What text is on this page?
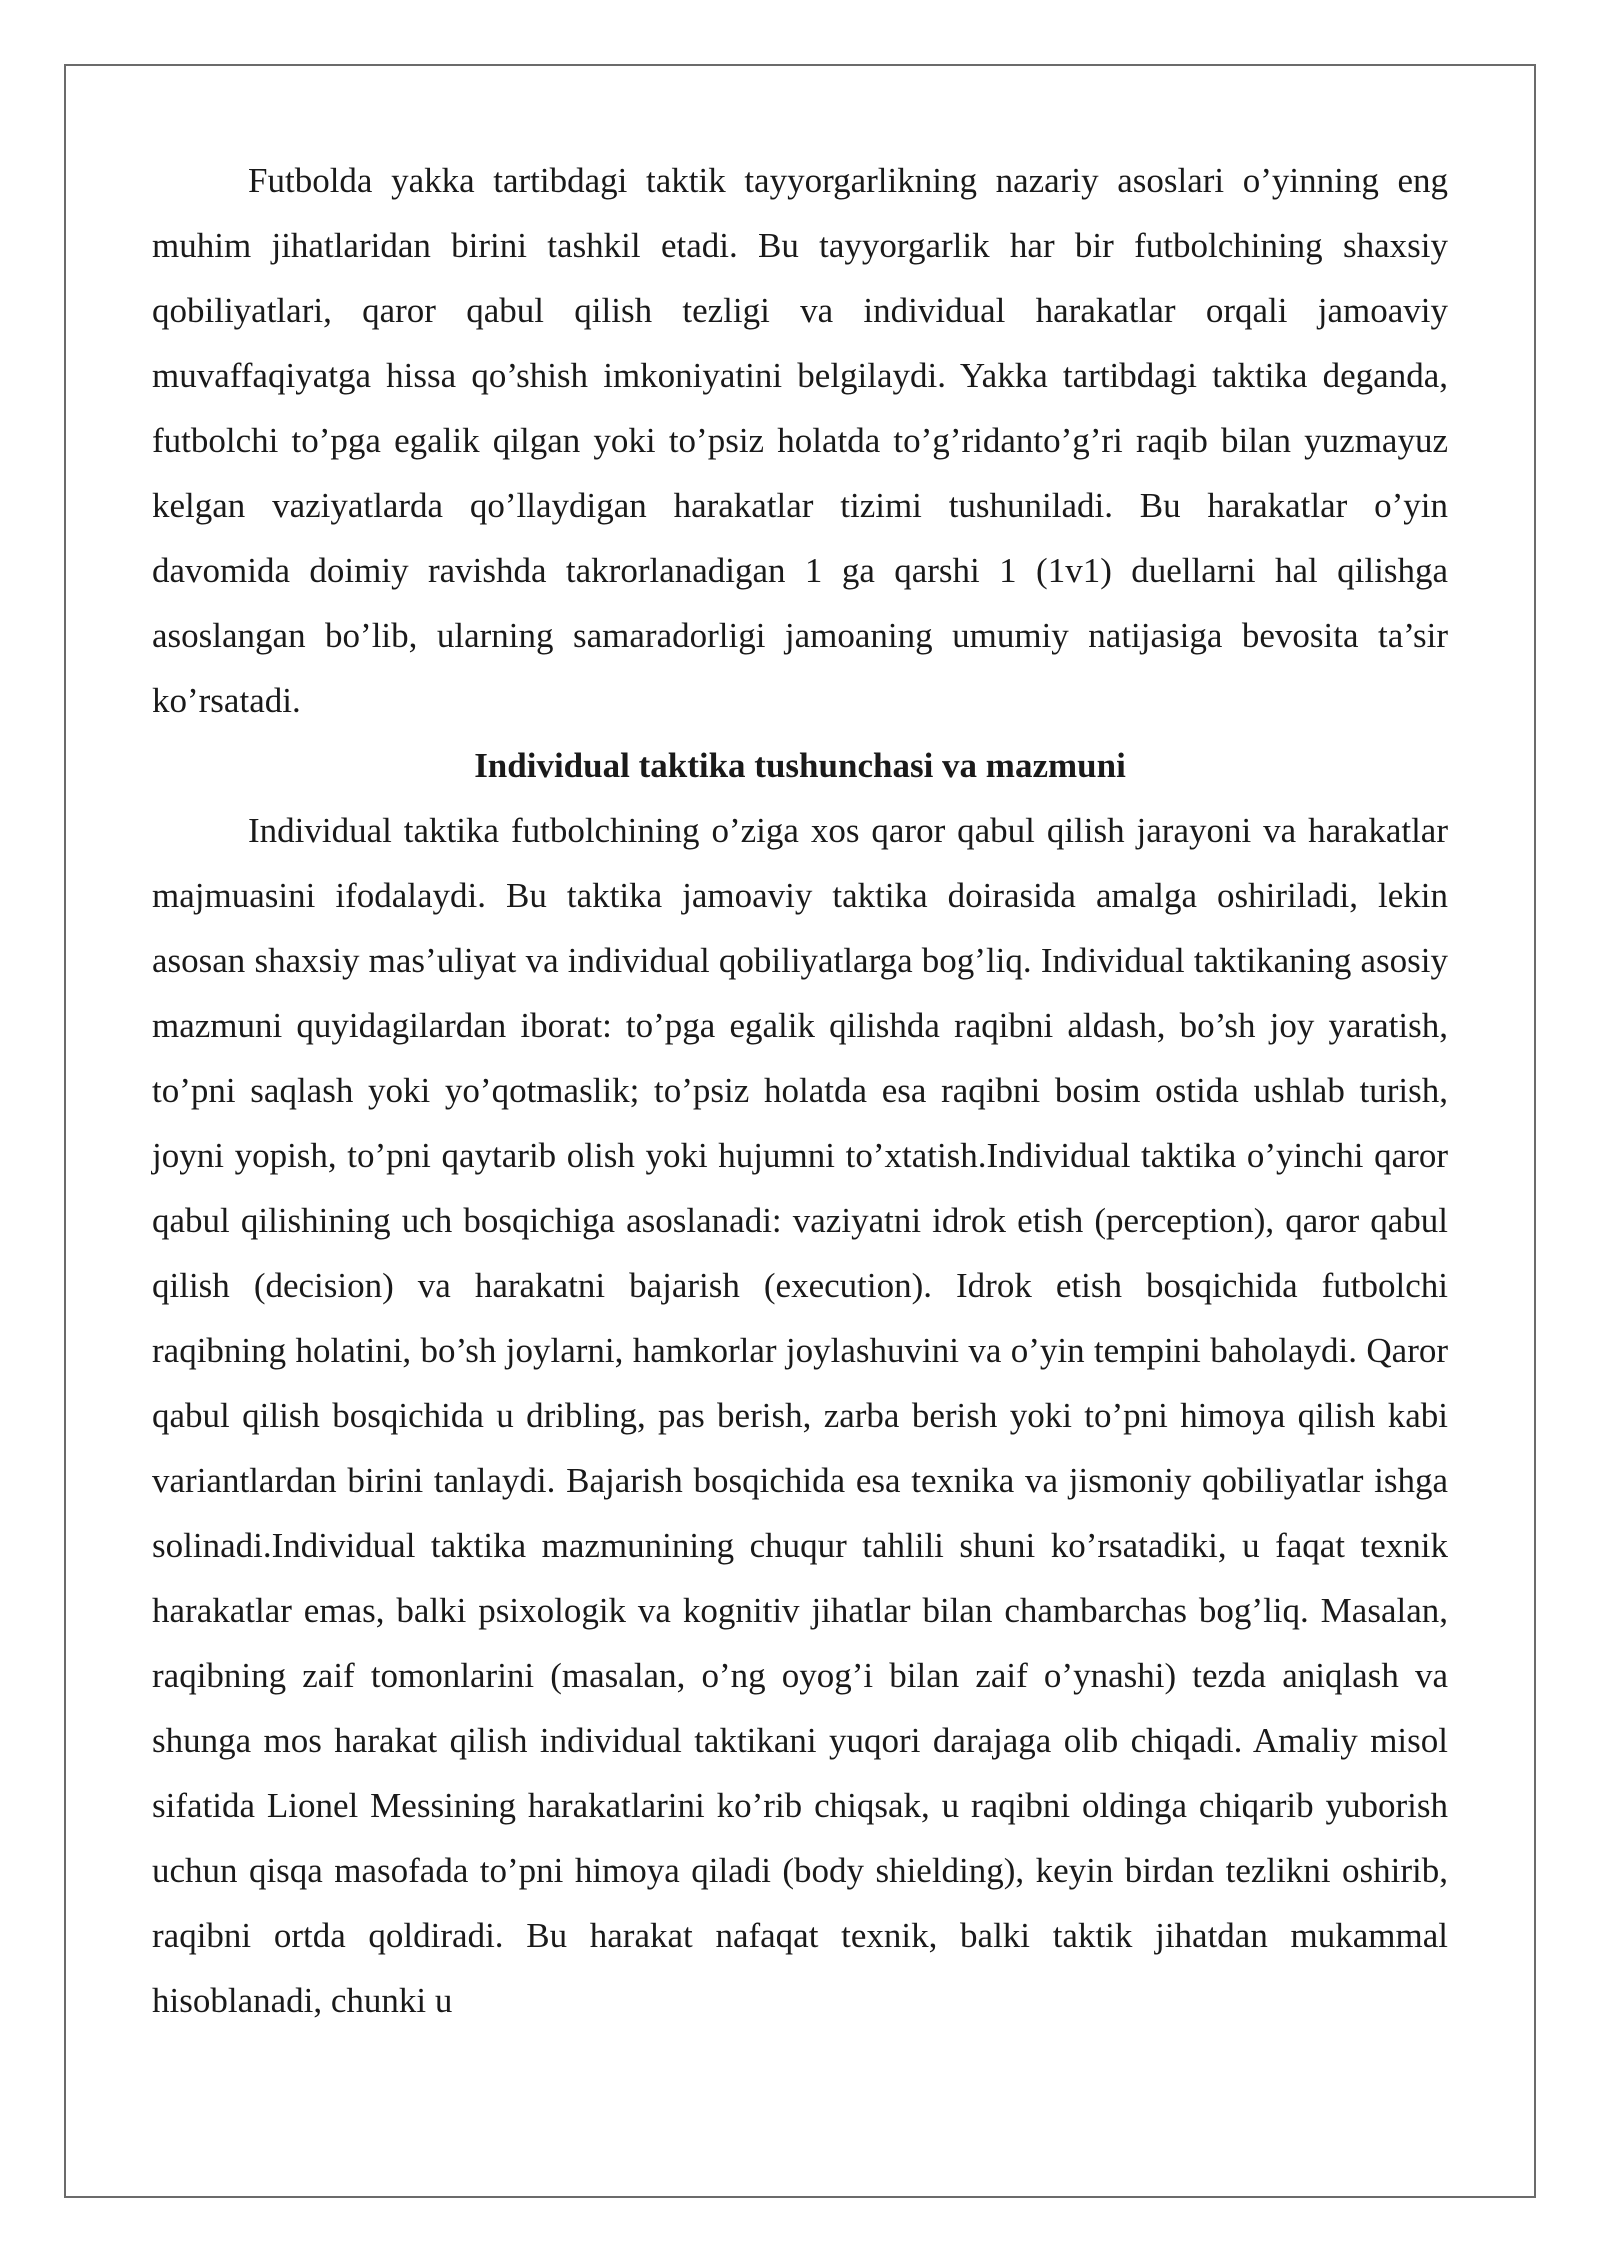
Futbolda yakka tartibdagi taktik tayyorgarlikning nazariy asoslari o’yinning eng muhim jihatlaridan birini tashkil etadi. Bu tayyorgarlik har bir futbolchining shaxsiy qobiliyatlari, qaror qabul qilish tezligi va individual harakatlar orqali jamoaviy muvaffaqiyatga hissa qo’shish imkoniyatini belgilaydi. Yakka tartibdagi taktika deganda, futbolchi to’pga egalik qilgan yoki to’psiz holatda to’g’ridanto’g’ri raqib bilan yuzmayuz kelgan vaziyatlarda qo’llaydigan harakatlar tizimi tushuniladi. Bu harakatlar o’yin davomida doimiy ravishda takrorlanadigan 1 ga qarshi 1 (1v1) duellarni hal qilishga asoslangan bo’lib, ularning samaradorligi jamoaning umumiy natijasiga bevosita ta’sir ko’rsatadi.

Individual taktika tushunchasi va mazmuni

Individual taktika futbolchining o’ziga xos qaror qabul qilish jarayoni va harakatlar majmuasini ifodalaydi. Bu taktika jamoaviy taktika doirasida amalga oshiriladi, lekin asosan shaxsiy mas’uliyat va individual qobiliyatlarga bog’liq. Individual taktikaning asosiy mazmuni quyidagilardan iborat: to’pga egalik qilishda raqibni aldash, bo’sh joy yaratish, to’pni saqlash yoki yo’qotmaslik; to’psiz holatda esa raqibni bosim ostida ushlab turish, joyni yopish, to’pni qaytarib olish yoki hujumni to’xtatish.Individual taktika o’yinchi qaror qabul qilishining uch bosqichiga asoslanadi: vaziyatni idrok etish (perception), qaror qabul qilish (decision) va harakatni bajarish (execution). Idrok etish bosqichida futbolchi raqibning holatini, bo’sh joylarni, hamkorlar joylashuvini va o’yin tempini baholaydi. Qaror qabul qilish bosqichida u dribling, pas berish, zarba berish yoki to’pni himoya qilish kabi variantlardan birini tanlaydi. Bajarish bosqichida esa texnika va jismoniy qobiliyatlar ishga solinadi.Individual taktika mazmunining chuqur tahlili shuni ko’rsatadiki, u faqat texnik harakatlar emas, balki psixologik va kognitiv jihatlar bilan chambarchas bog’liq. Masalan, raqibning zaif tomonlarini (masalan, o’ng oyog’i bilan zaif o’ynashi) tezda aniqlash va shunga mos harakat qilish individual taktikani yuqori darajaga olib chiqadi. Amaliy misol sifatida Lionel Messining harakatlarini ko’rib chiqsak, u raqibni oldinga chiqarib yuborish uchun qisqa masofada to’pni himoya qiladi (body shielding), keyin birdan tezlikni oshirib, raqibni ortda qoldiradi. Bu harakat nafaqat texnik, balki taktik jihatdan mukammal hisoblanadi, chunki u
